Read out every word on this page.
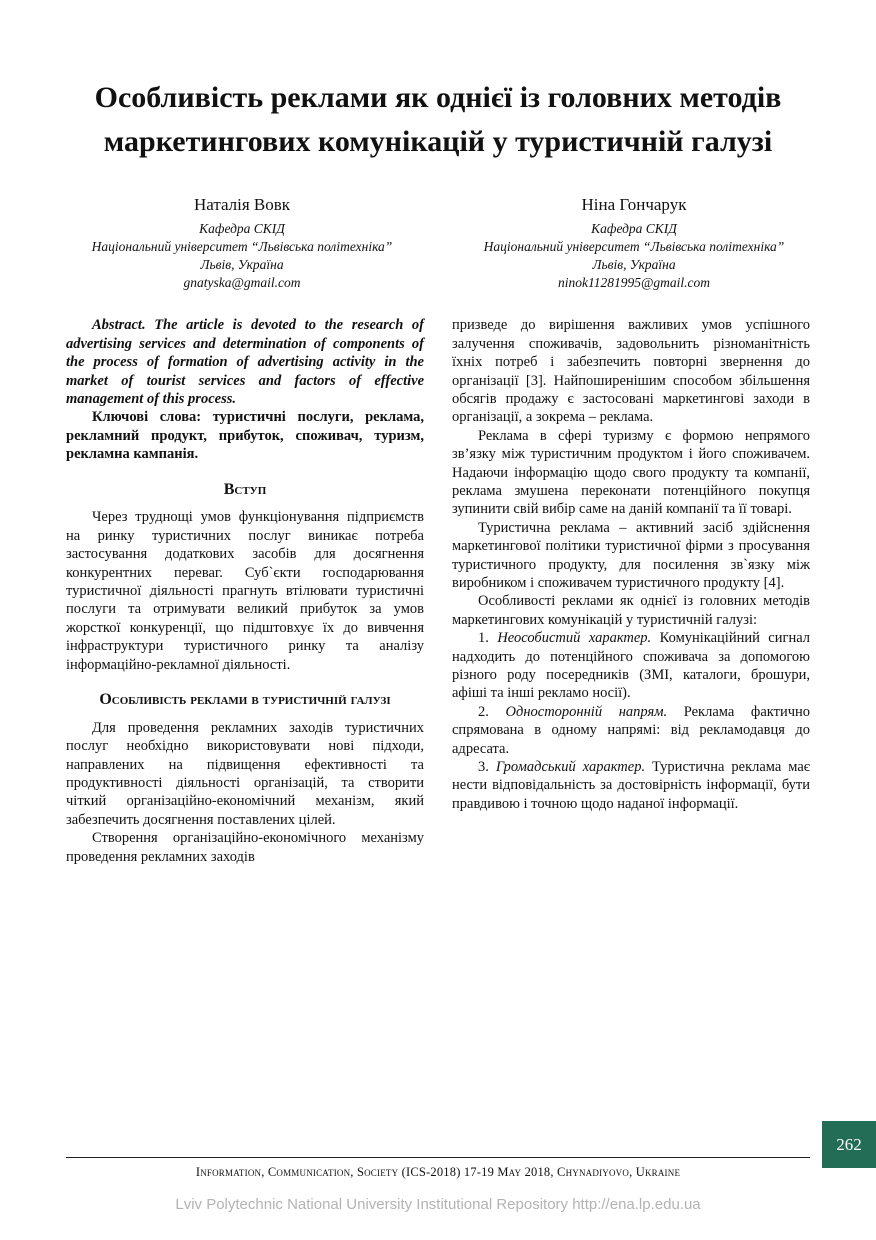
Особливість реклами як однієї із головних методів маркетингових комунікацій у туристичній галузі
Наталія Вовк
Кафедра СКІД
Національний університет “Львівська політехніка”
Львів, Україна
gnatyska@gmail.com
Ніна Гончарук
Кафедра СКІД
Національний університет “Львівська політехніка”
Львів, Україна
ninok11281995@gmail.com

Abstract. The article is devoted to the research of advertising services and determination of components of the process of formation of advertising activity in the market of tourist services and factors of effective management of this process.

Ключові слова: туристичні послуги, реклама, рекламний продукт, прибуток, споживач, туризм, рекламна кампанія.

Вступ

Через труднощі умов функціонування підприємств на ринку туристичних послуг виникає потреба застосування додаткових засобів для досягнення конкурентних переваг. Суб`єкти господарювання туристичної діяльності прагнуть втілювати туристичні послуги та отримувати великий прибуток за умов жорсткої конкуренції, що підштовхує їх до вивчення інфраструктури туристичного ринку та аналізу інформаційно-рекламної діяльності.

Особливість реклами в туристичній галузі

Для проведення рекламних заходів туристичних послуг необхідно використовувати нові підходи, направлених на підвищення ефективності та продуктивності діяльності організацій, та створити чіткий організаційно-економічний механізм, який забезпечить досягнення поставлених цілей.

Створення організаційно-економічного механізму проведення рекламних заходів

призведе до вирішення важливих умов успішного залучення споживачів, задовольнить різноманітність їхніх потреб і забезпечить повторні звернення до організації [3]. Найпоширенішим способом збільшення обсягів продажу є застосовані маркетингові заходи в організації, а зокрема – реклама.

Реклама в сфері туризму є формою непрямого зв’язку між туристичним продуктом і його споживачем. Надаючи інформацію щодо свого продукту та компанії, реклама змушена переконати потенційного покупця зупинити свій вибір саме на даній компанії та її товарі.

Туристична реклама – активний засіб здійснення маркетингової політики туристичної фірми з просування туристичного продукту, для посилення зв`язку між виробником і споживачем туристичного продукту [4].

Особливості реклами як однієї із головних методів маркетингових комунікацій у туристичній галузі:

1. Неособистий характер. Комунікаційний сигнал надходить до потенційного споживача за допомогою різного роду посередників (ЗМІ, каталоги, брошури, афіші та інші рекламо носії).

2. Односторонній напрям. Реклама фактично спрямована в одному напрямі: від рекламодавця до адресата.

3. Громадський характер. Туристична реклама має нести відповідальність за достовірність інформації, бути правдивою і точною щодо наданої інформації.

Information, Communication, Society (ICS-2018) 17-19 May 2018, Chynadiyovo, Ukraine
262
Lviv Polytechnic National University Institutional Repository http://ena.lp.edu.ua
